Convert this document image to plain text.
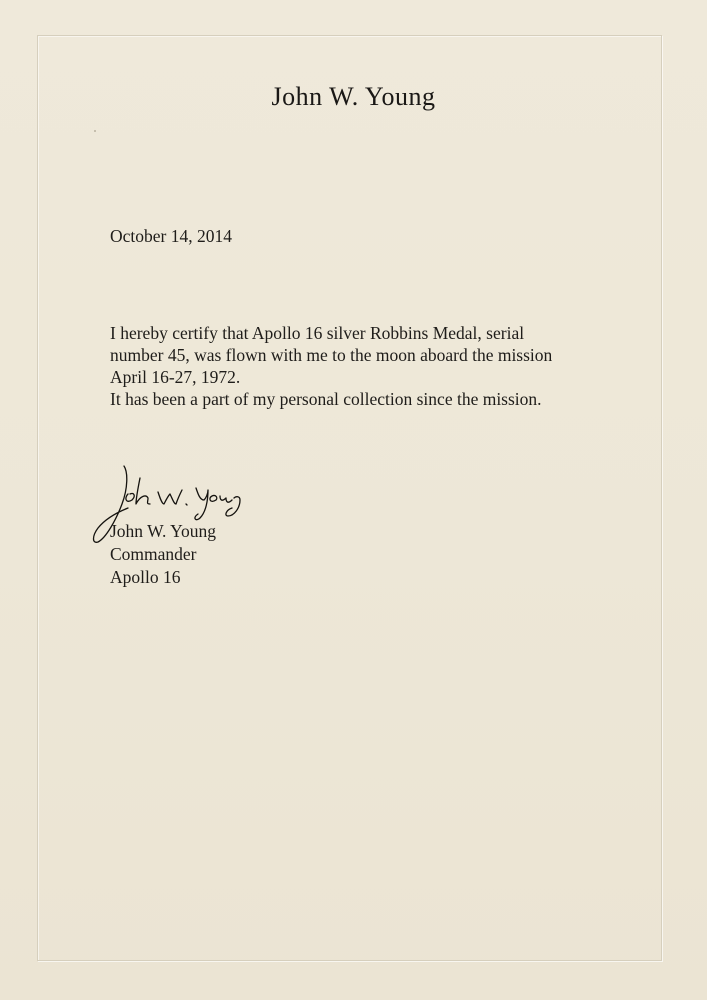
John W. Young
October 14, 2014

I hereby certify that Apollo 16 silver Robbins Medal, serial

number 45, was flown with me to the moon aboard the mission

April 16-27, 1972.

It has been a part of my personal collection since the mission.

John W. Young
Commander
Apollo 16
